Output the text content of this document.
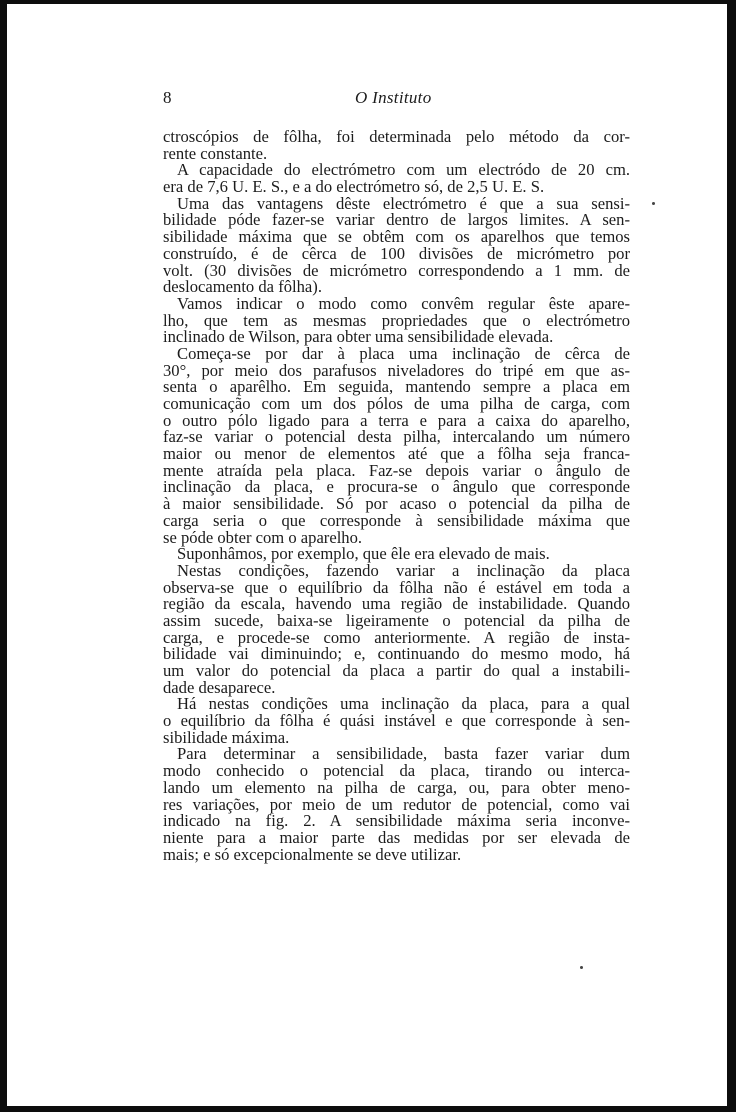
8	O Instituto
ctroscópios de fôlha, foi determinada pelo método da cor-
rente constante.
A capacidade do electrómetro com um electródo de 20 cm.
era de 7,6 U. E. S., e a do electrómetro só, de 2,5 U. E. S.
Uma das vantagens dêste electrómetro é que a sua sensi-
bilidade póde fazer-se variar dentro de largos limites. A sen-
sibilidade máxima que se obtêm com os aparelhos que temos
construído, é de cêrca de 100 divisões de micrómetro por
volt. (30 divisões de micrómetro correspondendo a 1 mm. de
deslocamento da fôlha).
Vamos indicar o modo como convêm regular êste apare-
lho, que tem as mesmas propriedades que o electrómetro
inclinado de Wilson, para obter uma sensibilidade elevada.
Começa-se por dar à placa uma inclinação de cêrca de
30°, por meio dos parafusos niveladores do tripé em que as-
senta o aparêlho. Em seguida, mantendo sempre a placa em
comunicação com um dos pólos de uma pilha de carga, com
o outro pólo ligado para a terra e para a caixa do aparelho,
faz-se variar o potencial desta pilha, intercalando um número
maior ou menor de elementos até que a fôlha seja franca-
mente atraída pela placa. Faz-se depois variar o ângulo de
inclinação da placa, e procura-se o ângulo que corresponde
à maior sensibilidade. Só por acaso o potencial da pilha de
carga seria o que corresponde à sensibilidade máxima que
se póde obter com o aparelho.
Suponhâmos, por exemplo, que êle era elevado de mais.
Nestas condições, fazendo variar a inclinação da placa
observa-se que o equilíbrio da fôlha não é estável em toda a
região da escala, havendo uma região de instabilidade. Quando
assim sucede, baixa-se ligeiramente o potencial da pilha de
carga, e procede-se como anteriormente. A região de insta-
bilidade vai diminuindo; e, continuando do mesmo modo, há
um valor do potencial da placa a partir do qual a instabili-
dade desaparece.
Há nestas condições uma inclinação da placa, para a qual
o equilíbrio da fôlha é quási instável e que corresponde à sen-
sibilidade máxima.
Para determinar a sensibilidade, basta fazer variar dum
modo conhecido o potencial da placa, tirando ou interca-
lando um elemento na pilha de carga, ou, para obter meno-
res variações, por meio de um redutor de potencial, como vai
indicado na fig. 2. A sensibilidade máxima seria inconve-
niente para a maior parte das medidas por ser elevada de
mais; e só excepcionalmente se deve utilizar.
